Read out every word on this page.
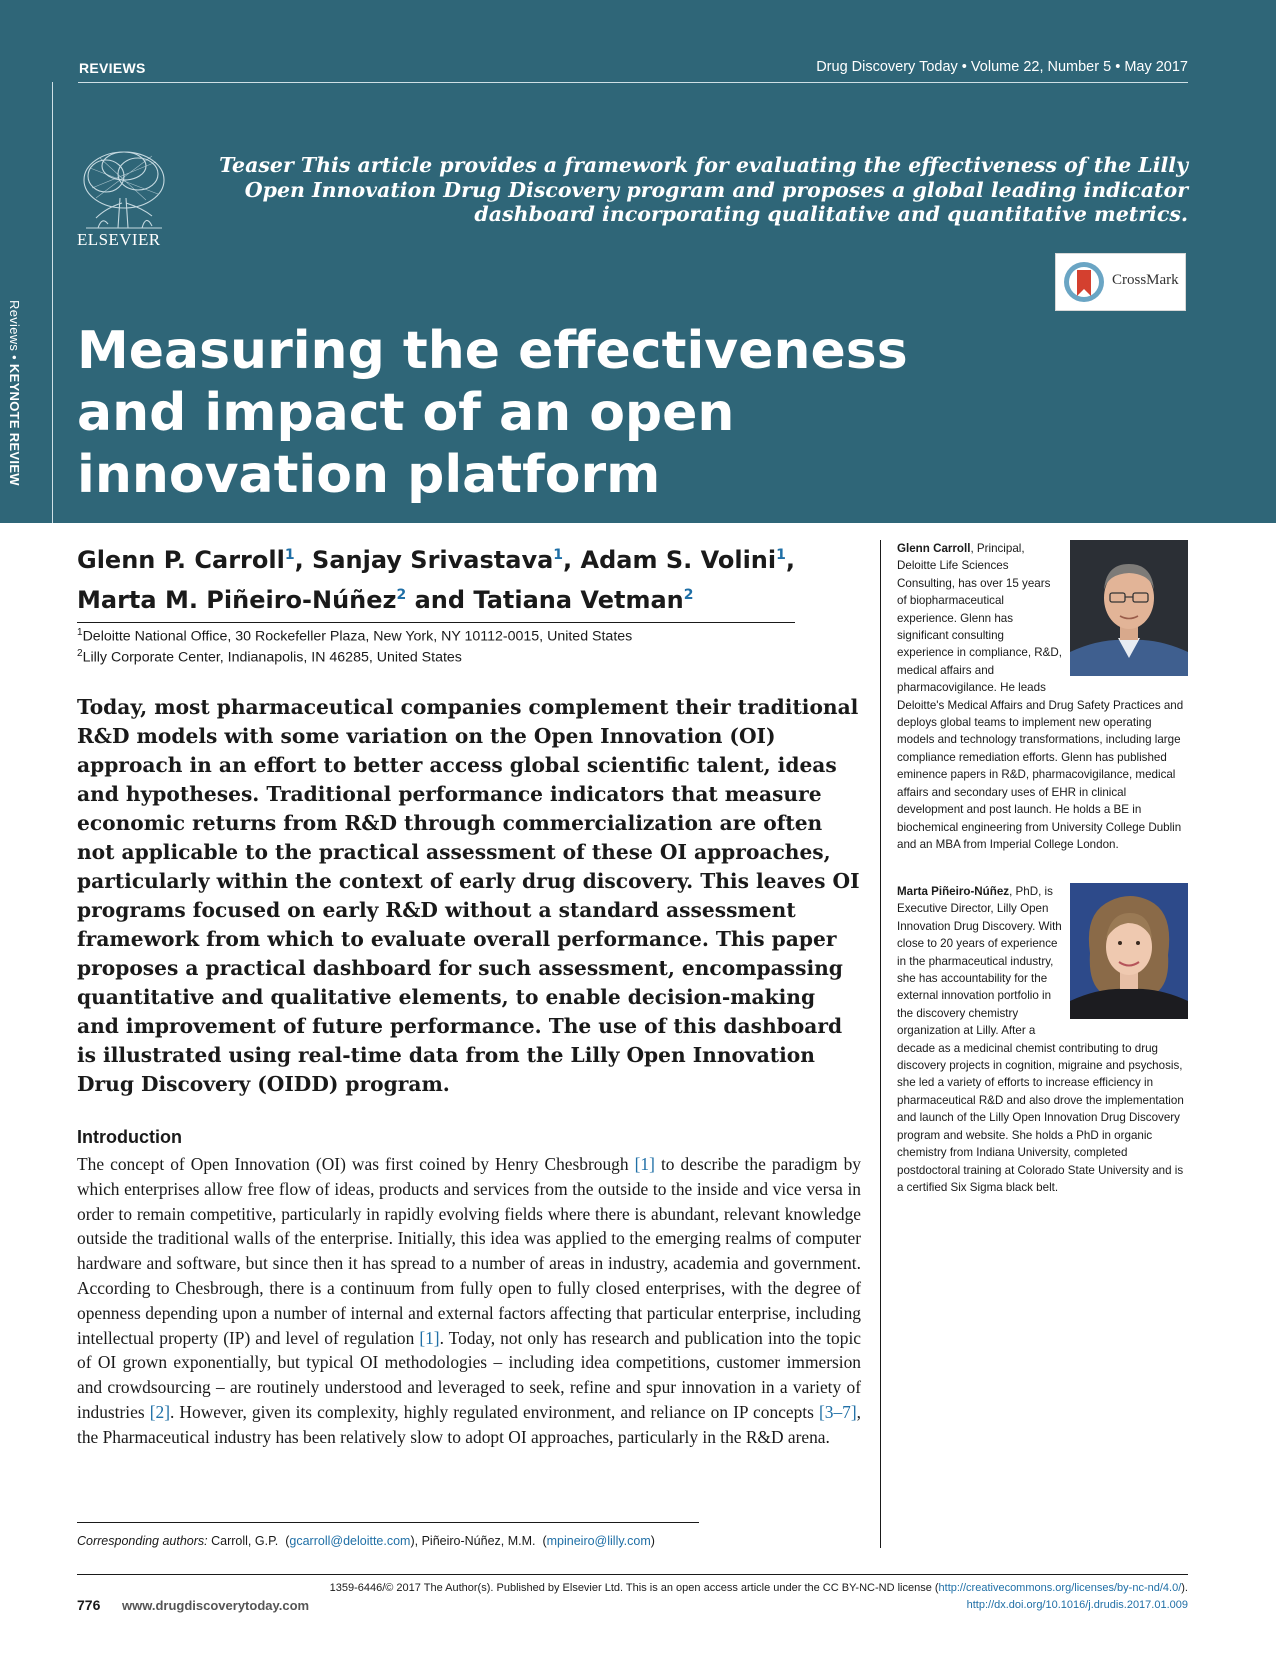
REVIEWS	Drug Discovery Today • Volume 22, Number 5 • May 2017
Reviews • KEYNOTE REVIEW
ELSEVIER
Teaser This article provides a framework for evaluating the effectiveness of the Lilly Open Innovation Drug Discovery program and proposes a global leading indicator dashboard incorporating qualitative and quantitative metrics.
CrossMark
Measuring the effectiveness and impact of an open innovation platform
Glenn P. Carroll$^1$, Sanjay Srivastava$^1$, Adam S. Volini$^1$,
Marta M. Piñeiro-Núñez$^2$ and Tatiana Vetman$^2$
$^1$Deloitte National Office, 30 Rockefeller Plaza, New York, NY 10112-0015, United States
$^2$Lilly Corporate Center, Indianapolis, IN 46285, United States

Today, most pharmaceutical companies complement their traditional R&D models with some variation on the Open Innovation (OI) approach in an effort to better access global scientific talent, ideas and hypotheses. Traditional performance indicators that measure economic returns from R&D through commercialization are often not applicable to the practical assessment of these OI approaches, particularly within the context of early drug discovery. This leaves OI programs focused on early R&D without a standard assessment framework from which to evaluate overall performance. This paper proposes a practical dashboard for such assessment, encompassing quantitative and qualitative elements, to enable decision-making and improvement of future performance. The use of this dashboard is illustrated using real-time data from the Lilly Open Innovation Drug Discovery (OIDD) program.

Introduction

The concept of Open Innovation (OI) was first coined by Henry Chesbrough [1] to describe the paradigm by which enterprises allow free flow of ideas, products and services from the outside to the inside and vice versa in order to remain competitive, particularly in rapidly evolving fields where there is abundant, relevant knowledge outside the traditional walls of the enterprise. Initially, this idea was applied to the emerging realms of computer hardware and software, but since then it has spread to a number of areas in industry, academia and government. According to Chesbrough, there is a continuum from fully open to fully closed enterprises, with the degree of openness depending upon a number of internal and external factors affecting that particular enterprise, including intellectual property (IP) and level of regulation [1]. Today, not only has research and publication into the topic of OI grown exponentially, but typical OI methodologies – including idea competitions, customer immersion and crowdsourcing – are routinely understood and leveraged to seek, refine and spur innovation in a variety of industries [2]. However, given its complexity, highly regulated environment, and reliance on IP concepts [3–7], the Pharmaceutical industry has been relatively slow to adopt OI approaches, particularly in the R&D arena.

Corresponding authors: Carroll, G.P.  (gcarroll@deloitte.com), Piñeiro-Núñez, M.M.  (mpineiro@lilly.com)
Glenn Carroll, Principal, Deloitte Life Sciences Consulting, has over 15 years of biopharmaceutical experience. Glenn has significant consulting experience in compliance, R&D, medical affairs and pharmacovigilance. He leads Deloitte's Medical Affairs and Drug Safety Practices and deploys global teams to implement new operating models and technology transformations, including large compliance remediation efforts. Glenn has published eminence papers in R&D, pharmacovigilance, medical affairs and secondary uses of EHR in clinical development and post launch. He holds a BE in biochemical engineering from University College Dublin and an MBA from Imperial College London.
Marta Piñeiro-Núñez, PhD, is Executive Director, Lilly Open Innovation Drug Discovery. With close to 20 years of experience in the pharmaceutical industry, she has accountability for the external innovation portfolio in the discovery chemistry organization at Lilly. After a decade as a medicinal chemist contributing to drug discovery projects in cognition, migraine and psychosis, she led a variety of efforts to increase efficiency in pharmaceutical R&D and also drove the implementation and launch of the Lilly Open Innovation Drug Discovery program and website. She holds a PhD in organic chemistry from Indiana University, completed postdoctoral training at Colorado State University and is a certified Six Sigma black belt.
1359-6446/© 2017 The Author(s). Published by Elsevier Ltd. This is an open access article under the CC BY-NC-ND license (http://creativecommons.org/licenses/by-nc-nd/4.0/).
http://dx.doi.org/10.1016/j.drudis.2017.01.009
776 www.drugdiscoverytoday.com
